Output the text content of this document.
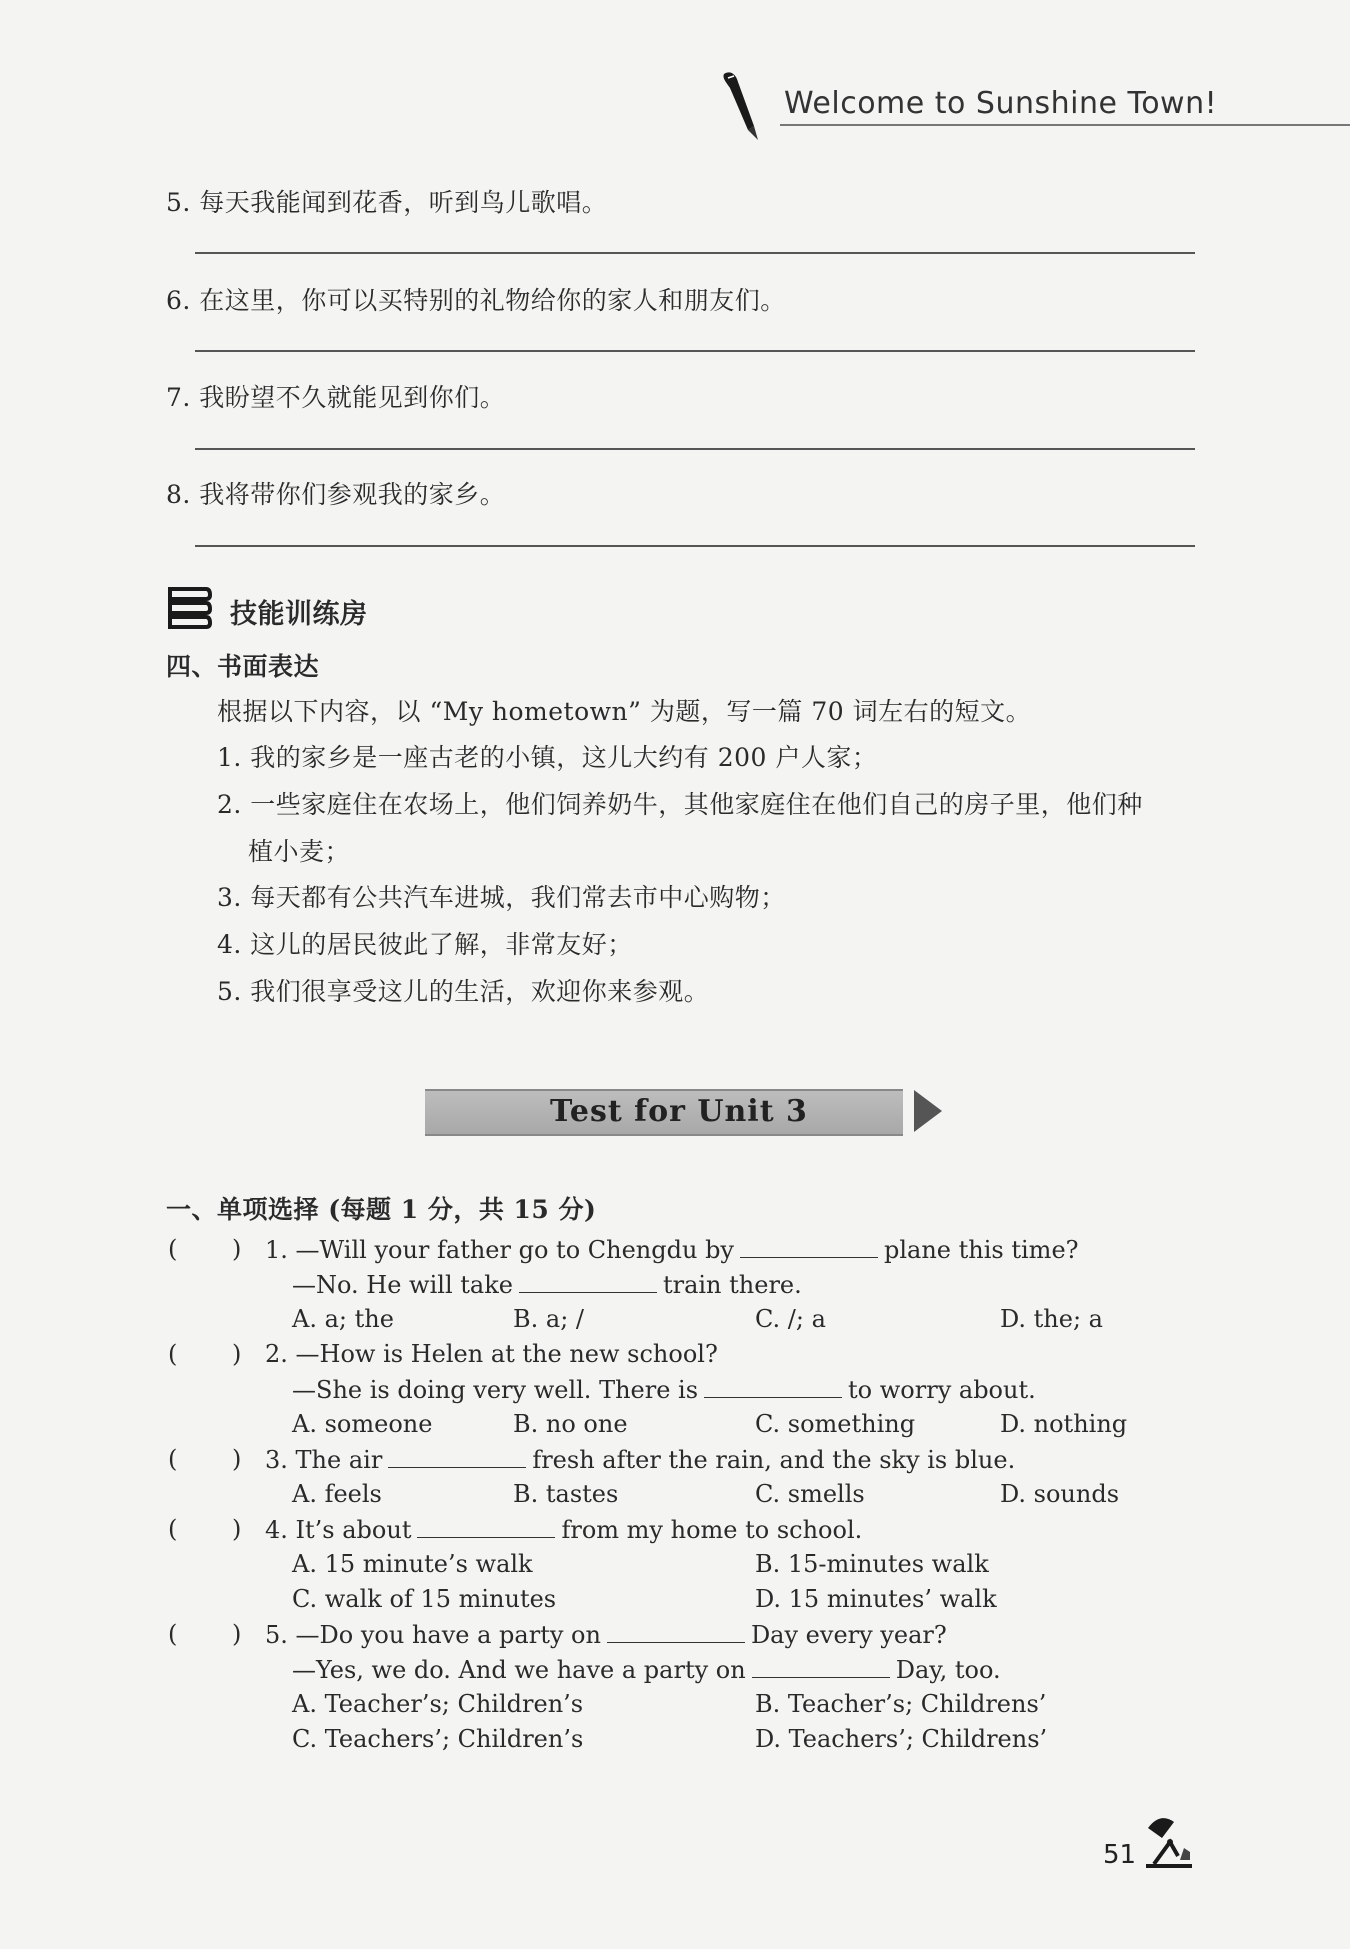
Welcome to Sunshine Town!
5. 每天我能闻到花香，听到鸟儿歌唱。
6. 在这里，你可以买特别的礼物给你的家人和朋友们。
7. 我盼望不久就能见到你们。
8. 我将带你们参观我的家乡。
技能训练房
四、书面表达
根据以下内容，以 “My hometown” 为题，写一篇 70 词左右的短文。
1. 我的家乡是一座古老的小镇，这儿大约有 200 户人家；
2. 一些家庭住在农场上，他们饲养奶牛，其他家庭住在他们自己的房子里，他们种
植小麦；
3. 每天都有公共汽车进城，我们常去市中心购物；
4. 这儿的居民彼此了解，非常友好；
5. 我们很享受这儿的生活，欢迎你来参观。
Test for Unit 3
一、单项选择 (每题 1 分，共 15 分)
( ) 1. —Will your father go to Chengdu by	plane this time?
—No. He will take	train there.
A. a; the	B. a; /	C. /; a	D. the; a
( ) 2. —How is Helen at the new school?
—She is doing very well. There is	to worry about.
A. someone	B. no one	C. something	D. nothing
( ) 3. The air	fresh after the rain, and the sky is blue.
A. feels	B. tastes	C. smells	D. sounds
( ) 4. It’s about	from my home to school.
A. 15 minute’s walk	B. 15-minutes walk
C. walk of 15 minutes	D. 15 minutes’ walk
( ) 5. —Do you have a party on	Day every year?
—Yes, we do. And we have a party on	Day, too.
A. Teacher’s; Children’s	B. Teacher’s; Childrens’
C. Teachers’; Children’s	D. Teachers’; Childrens’
51
